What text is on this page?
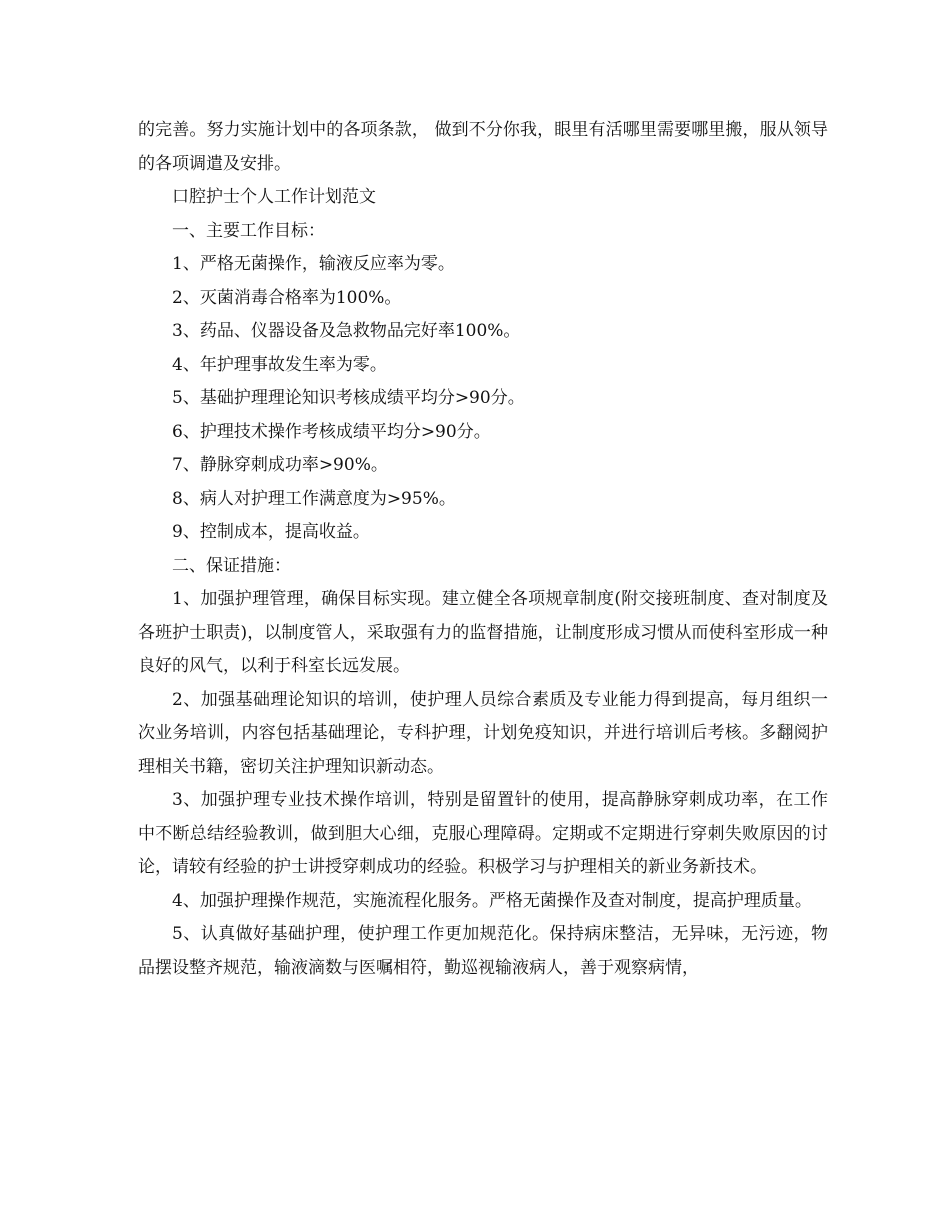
的完善。努力实施计划中的各项条款， 做到不分你我，眼里有活哪里需要哪里搬，服从领导的各项调遣及安排。

口腔护士个人工作计划范文

一、主要工作目标：

1、严格无菌操作，输液反应率为零。

2、灭菌消毒合格率为100%。

3、药品、仪器设备及急救物品完好率100%。

4、年护理事故发生率为零。

5、基础护理理论知识考核成绩平均分>90分。

6、护理技术操作考核成绩平均分>90分。

7、静脉穿刺成功率>90%。

8、病人对护理工作满意度为>95%。

9、控制成本，提高收益。

二、保证措施：

1、加强护理管理，确保目标实现。建立健全各项规章制度(附交接班制度、查对制度及各班护士职责)，以制度管人，采取强有力的监督措施，让制度形成习惯从而使科室形成一种良好的风气，以利于科室长远发展。

2、加强基础理论知识的培训，使护理人员综合素质及专业能力得到提高，每月组织一次业务培训，内容包括基础理论，专科护理，计划免疫知识，并进行培训后考核。多翻阅护理相关书籍，密切关注护理知识新动态。

3、加强护理专业技术操作培训，特别是留置针的使用，提高静脉穿刺成功率，在工作中不断总结经验教训，做到胆大心细，克服心理障碍。定期或不定期进行穿刺失败原因的讨论，请较有经验的护士讲授穿刺成功的经验。积极学习与护理相关的新业务新技术。

4、加强护理操作规范，实施流程化服务。严格无菌操作及查对制度，提高护理质量。

5、认真做好基础护理，使护理工作更加规范化。保持病床整洁，无异味，无污迹，物品摆设整齐规范，输液滴数与医嘱相符，勤巡视输液病人，善于观察病情，
